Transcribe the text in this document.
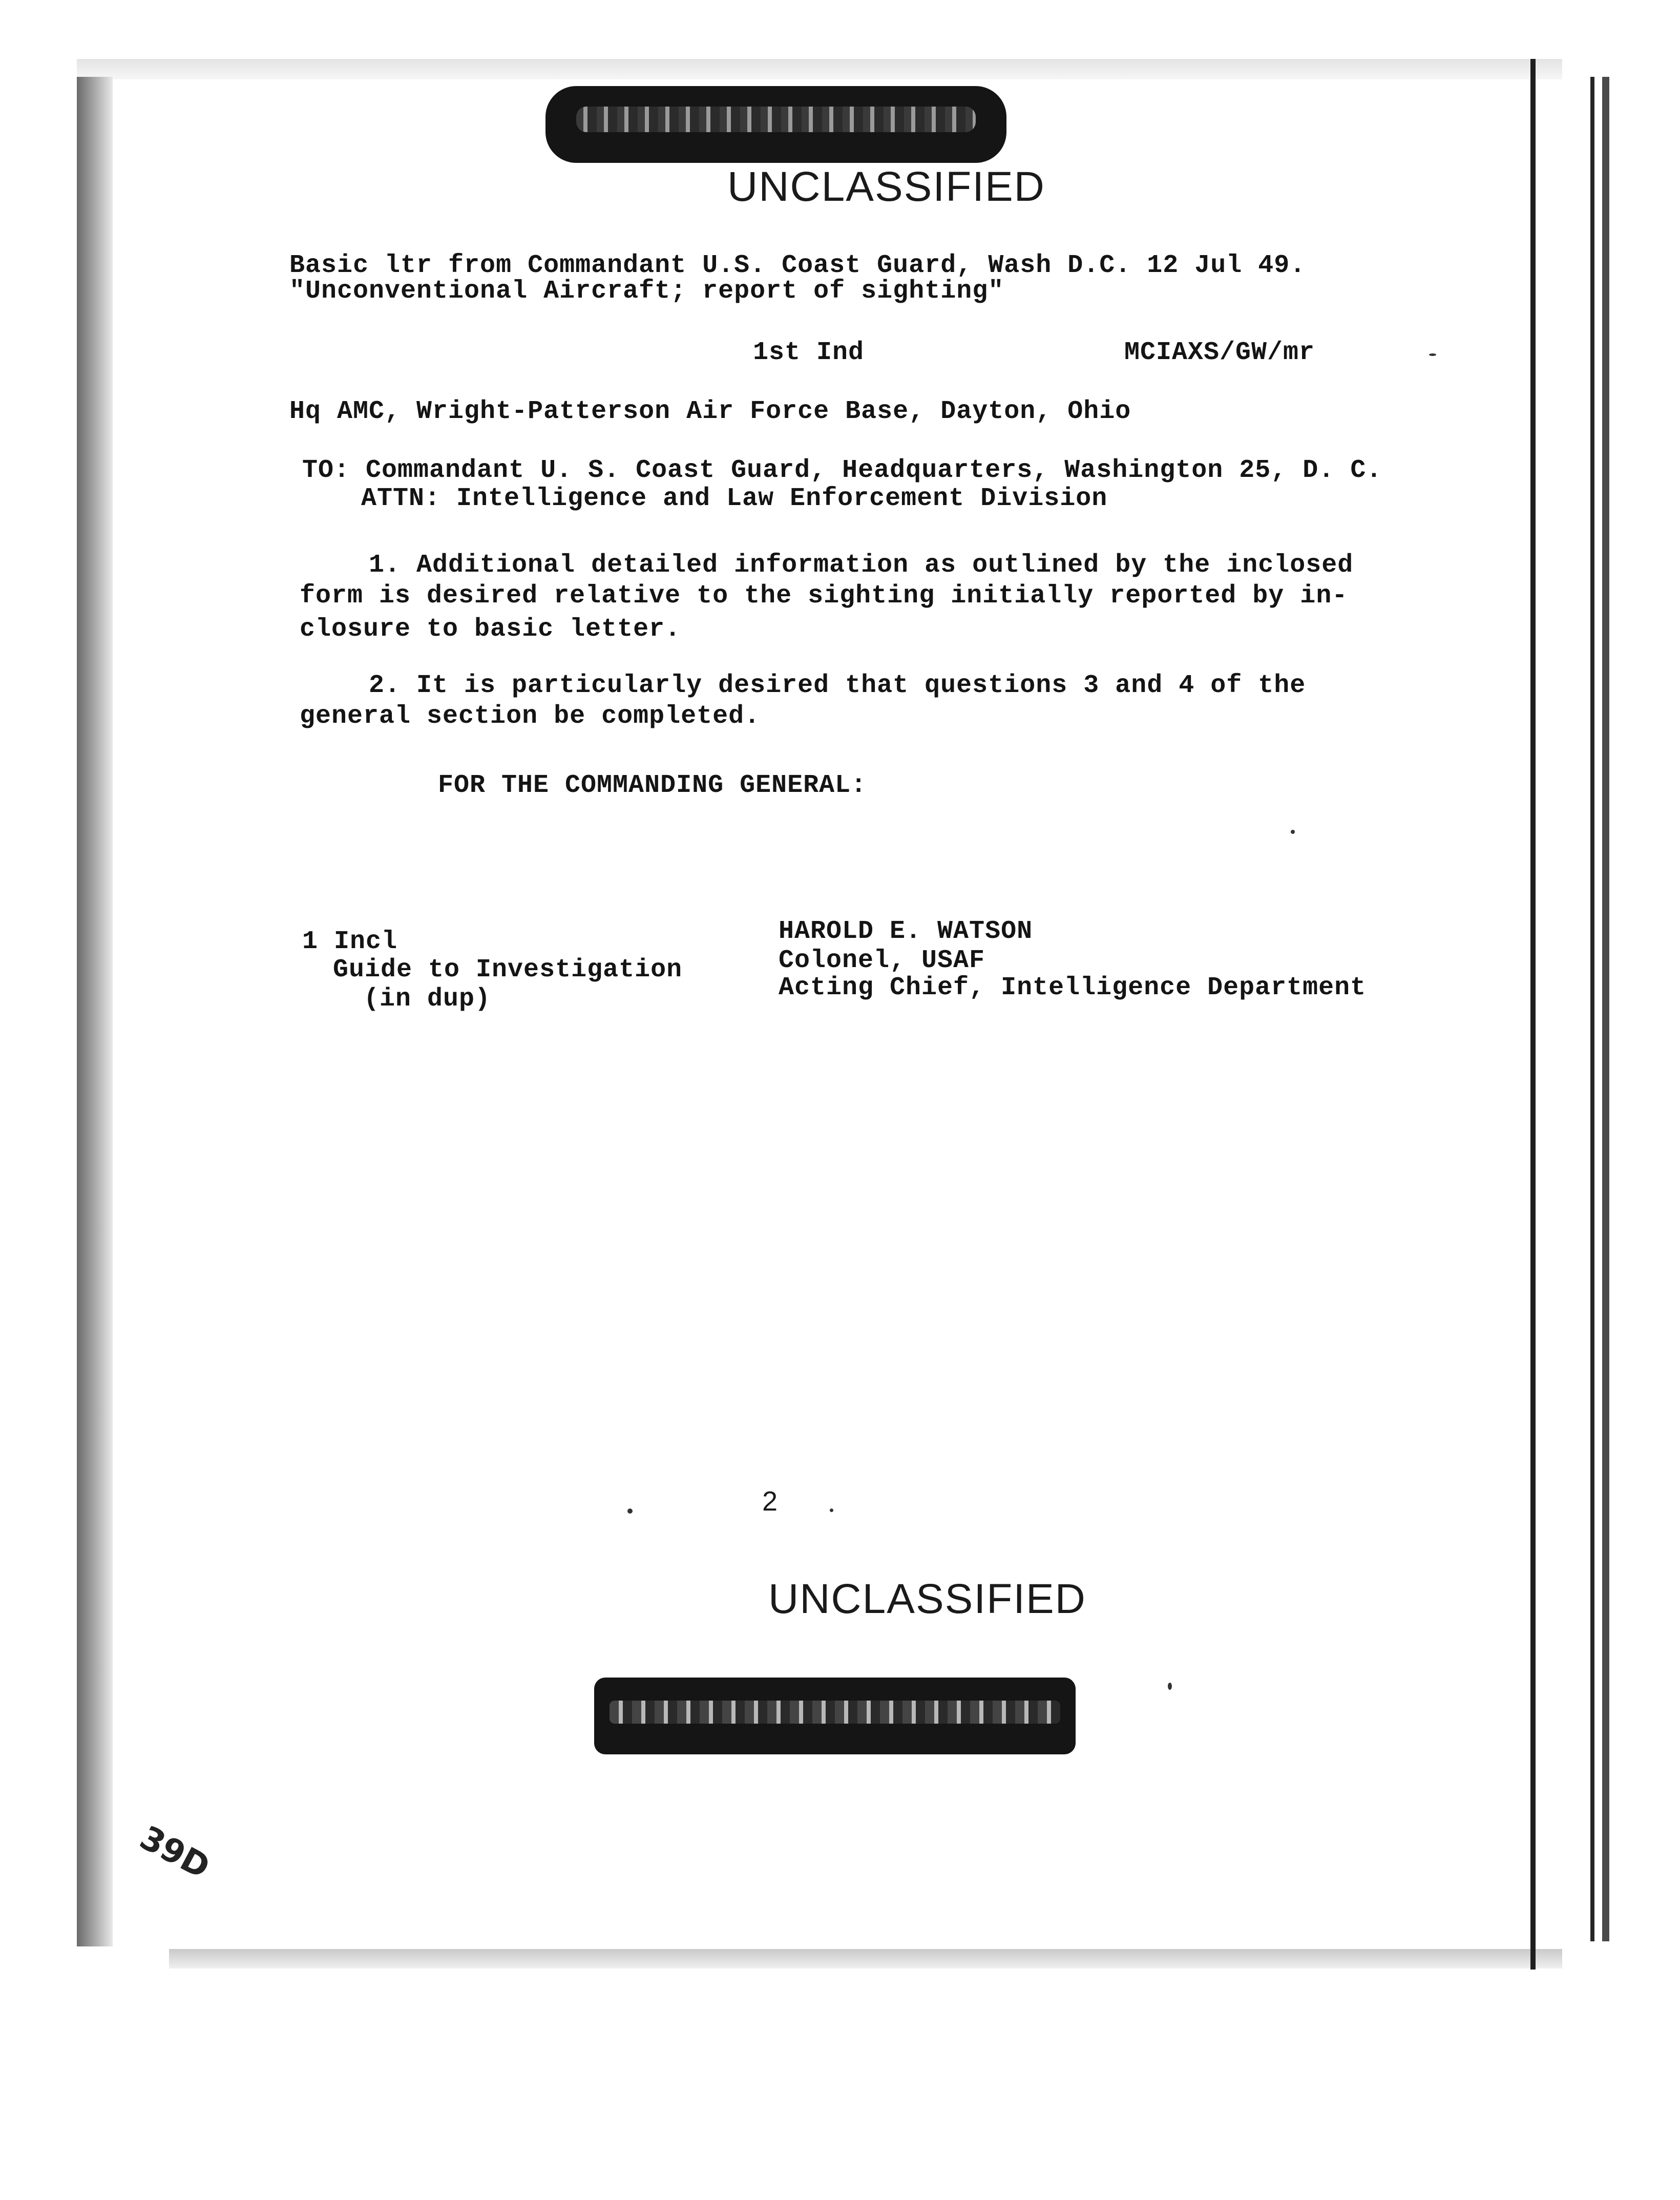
UNCLASSIFIED
Basic ltr from Commandant U.S. Coast Guard, Wash D.C. 12 Jul 49.
"Unconventional Aircraft; report of sighting"
1st Ind	MCIAXS/GW/mr
Hq AMC, Wright-Patterson Air Force Base, Dayton, Ohio
TO: Commandant U. S. Coast Guard, Headquarters, Washington 25, D. C.
ATTN: Intelligence and Law Enforcement Division
1. Additional detailed information as outlined by the inclosed
form is desired relative to the sighting initially reported by in-
closure to basic letter.
2. It is particularly desired that questions 3 and 4 of the
general section be completed.
FOR THE COMMANDING GENERAL:
1 Incl
Guide to Investigation
(in dup)
HAROLD E. WATSON
Colonel, USAF
Acting Chief, Intelligence Department
2
UNCLASSIFIED
39D
